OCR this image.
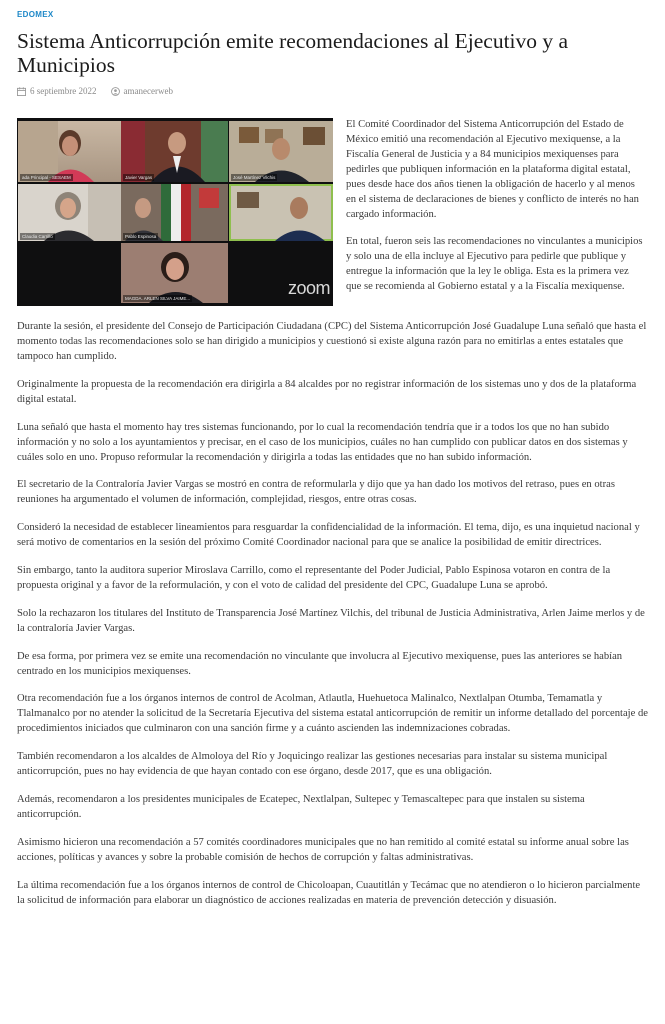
EDOMEX
Sistema Anticorrupción emite recomendaciones al Ejecutivo y a Municipios
6 septiembre 2022	amanecerweb
ada Principal - SESAEM	Javier Vargas	José Martínez Vilchis
Claudia Carrillo	Pablo Espinosa
MAGDA. ARLEN SILVA JAIME...
zoom

El Comité Coordinador del Sistema Anticorrupción del Estado de México emitió una recomendación al Ejecutivo mexiquense, a la Fiscalía General de Justicia y a 84 municipios mexiquenses para pedirles que publiquen información en la plataforma digital estatal, pues desde hace dos años tienen la obligación de hacerlo y al menos en el sistema de declaraciones de bienes y conflicto de interés no han cargado información.

En total, fueron seis las recomendaciones no vinculantes a municipios y solo una de ella incluye al Ejecutivo para pedirle que publique y entregue la información que la ley le obliga. Esta es la primera vez que se recomienda al Gobierno estatal y a la Fiscalía mexiquense.

Durante la sesión, el presidente del Consejo de Participación Ciudadana (CPC) del Sistema Anticorrupción José Guadalupe Luna señaló que hasta el momento todas las recomendaciones solo se han dirigido a municipios y cuestionó si existe alguna razón para no emitirlas a entes estatales que tampoco han cumplido.

Originalmente la propuesta de la recomendación era dirigirla a 84 alcaldes por no registrar información de los sistemas uno y dos de la plataforma digital estatal.

Luna señaló que hasta el momento hay tres sistemas funcionando, por lo cual la recomendación tendría que ir a todos los que no han subido información y no solo a los ayuntamientos y precisar, en el caso de los municipios, cuáles no han cumplido con publicar datos en dos sistemas y cuáles solo en uno. Propuso reformular la recomendación y dirigirla a todas las entidades que no han subido información.

El secretario de la Contraloría Javier Vargas se mostró en contra de reformularla y dijo que ya han dado los motivos del retraso, pues en otras reuniones ha argumentado el volumen de información, complejidad, riesgos, entre otras cosas.

Consideró la necesidad de establecer lineamientos para resguardar la confidencialidad de la información. El tema, dijo, es una inquietud nacional y será motivo de comentarios en la sesión del próximo Comité Coordinador nacional para que se analice la posibilidad de emitir directrices.

Sin embargo, tanto la auditora superior Miroslava Carrillo, como el representante del Poder Judicial, Pablo Espinosa votaron en contra de la propuesta original y a favor de la reformulación, y con el voto de calidad del presidente del CPC, Guadalupe Luna se aprobó.

Solo la rechazaron los titulares del Instituto de Transparencia José Martínez Vilchis, del tribunal de Justicia Administrativa, Arlen Jaime merlos y de la contraloría Javier Vargas.

De esa forma, por primera vez se emite una recomendación no vinculante que involucra al Ejecutivo mexiquense, pues las anteriores se habían centrado en los municipios mexiquenses.

Otra recomendación fue a los órganos internos de control de Acolman, Atlautla, Huehuetoca Malinalco, Nextlalpan Otumba, Temamatla y Tlalmanalco por no atender la solicitud de la Secretaría Ejecutiva del sistema estatal anticorrupción de remitir un informe detallado del porcentaje de procedimientos iniciados que culminaron con una sanción firme y a cuánto ascienden las indemnizaciones cobradas.

También recomendaron a los alcaldes de Almoloya del Río y Joquicingo realizar las gestiones necesarias para instalar su sistema municipal anticorrupción, pues no hay evidencia de que hayan contado con ese órgano, desde 2017, que es una obligación.

Además, recomendaron a los presidentes municipales de Ecatepec, Nextlalpan, Sultepec y Temascaltepec para que instalen su sistema anticorrupción.

Asimismo hicieron una recomendación a 57 comités coordinadores municipales que no han remitido al comité estatal su informe anual sobre las acciones, políticas y avances y sobre la probable comisión de hechos de corrupción y faltas administrativas.

La última recomendación fue a los órganos internos de control de Chicoloapan, Cuautitlán y Tecámac que no atendieron o lo hicieron parcialmente la solicitud de información para elaborar un diagnóstico de acciones realizadas en materia de prevención detección y disuasión.
